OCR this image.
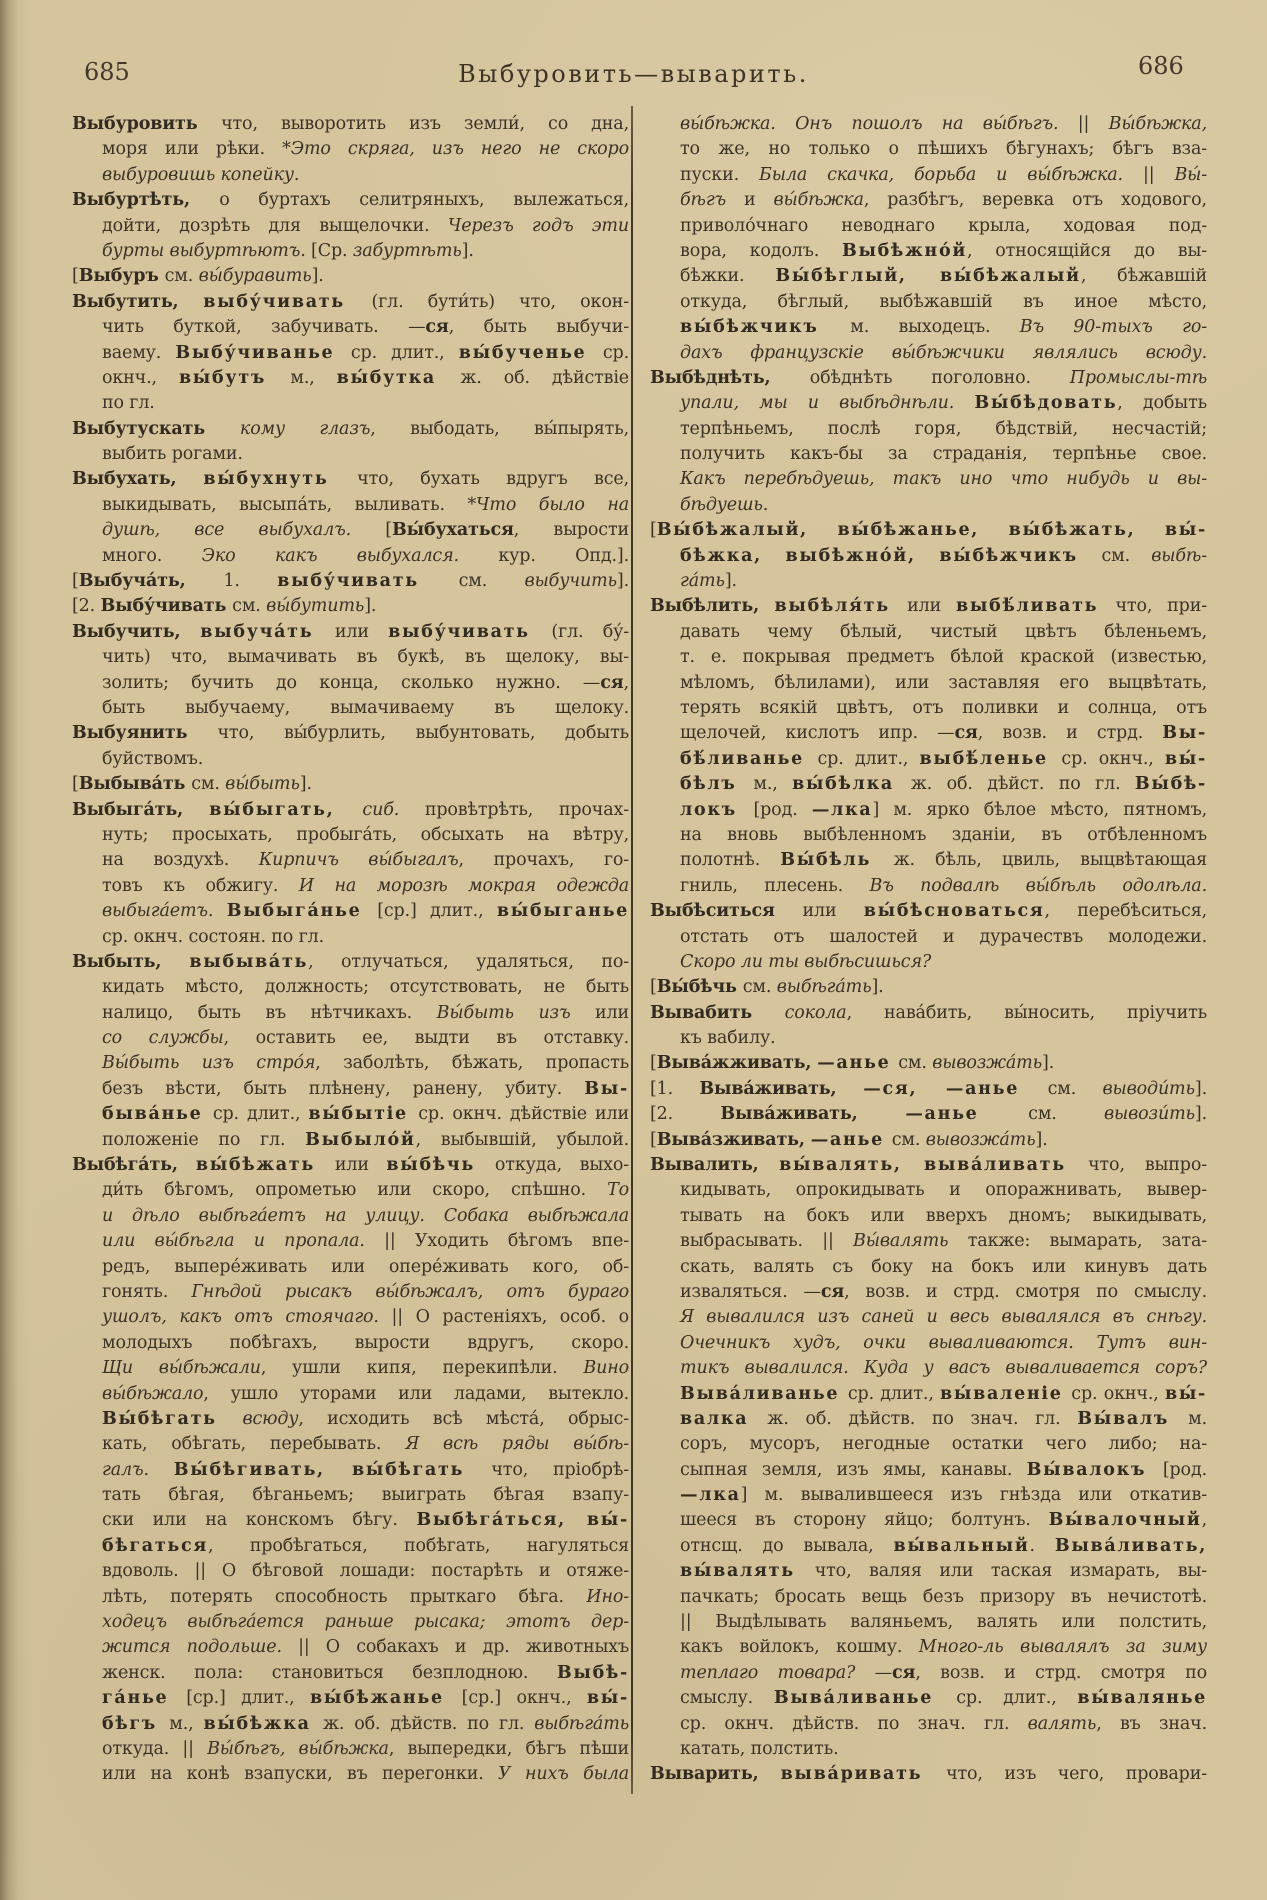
685	Выбуровить—выварить.	686
Выбуровить что, выворотить изъ земли́, со дна,
моря или рѣки. *Это скряга, изъ него не скоро
выбуровишь копейку.
Выбуртѣть, о буртахъ селитряныхъ, вылежаться,
дойти, дозрѣть для выщелочки. Черезъ годъ эти
бурты выбуртѣютъ. [Ср. забуртѣть].
[Выбуръ см. вы́буравить].
Выбутить, выбу́чивать (гл. бути́ть) что, окон-
чить буткой, забучивать. —ся, быть выбучи-
ваему. Выбу́чиванье ср. длит., вы́бученье ср.
окнч., вы́бутъ м., вы́бутка ж. об. дѣйствіе
по гл.
Выбутускать кому глазъ, выбодать, вы́пырять,
выбить рогами.
Выбухать, вы́бухнуть что, бухать вдругъ все,
выкидывать, высыпа́ть, выливать. *Что было на
душѣ, все выбухалъ. [Вы́бухаться, вырости
много. Эко какъ выбухался. кур. Опд.].
[Выбуча́ть, 1. выбу́чивать см. выбучить].
[2. Выбу́чивать см. вы́бутить].
Выбучить, выбуча́ть или выбу́чивать (гл. бу́-
чить) что, вымачивать въ букѣ, въ щелоку, вы-
золить; бучить до конца, сколько нужно. —ся,
быть выбучаему, вымачиваему въ щелоку.
Выбуянить что, вы́бурлить, выбунтовать, добыть
буйствомъ.
[Выбыва́ть см. вы́быть].
Выбыга́ть, вы́быгать, сиб. провѣтрѣть, прочах-
нуть; просыхать, пробыга́ть, обсыхать на вѣтру,
на воздухѣ. Кирпичъ вы́быгалъ, прочахъ, го-
товъ къ обжигу. И на морозѣ мокрая одежда
выбыга́етъ. Выбыга́нье [ср.] длит., вы́быганье
ср. окнч. состоян. по гл.
Выбыть, выбыва́ть, отлучаться, удаляться, по-
кидать мѣсто, должность; отсутствовать, не быть
налицо, быть въ нѣтчикахъ. Вы́быть изъ или
со службы, оставить ее, выдти въ отставку.
Вы́быть изъ стро́я, заболѣть, бѣжать, пропасть
безъ вѣсти, быть плѣнену, ранену, убиту. Вы-
быва́нье ср. длит., вы́бытіе ср. окнч. дѣйствіе или
положеніе по гл. Выбыло́й, выбывшій, убылой.
Выбѣга́ть, вы́бѣжать или вы́бѣчь откуда, выхо-
ди́ть бѣгомъ, опрометью или скоро, спѣшно. То
и дѣло выбѣга́етъ на улицу. Собака выбѣжала
или вы́бѣгла и пропала. || Уходить бѣгомъ впе-
редъ, выпере́живать или опере́живать кого, об-
гонять. Гнѣдой рысакъ вы́бѣжалъ, отъ бураго
ушолъ, какъ отъ стоячаго. || О растеніяхъ, особ. о
молодыхъ побѣгахъ, вырости вдругъ, скоро.
Щи вы́бѣжали, ушли кипя, перекипѣли. Вино
вы́бѣжало, ушло уторами или ладами, вытекло.
Вы́бѣгать всюду, исходить всѣ мѣста́, обрыс-
кать, обѣгать, перебывать. Я всѣ ряды вы́бѣ-
галъ. Вы́бѣгивать, вы́бѣгать что, пріобрѣ-
тать бѣгая, бѣганьемъ; выиграть бѣгая взапу-
ски или на конскомъ бѣгу. Выбѣга́ться, вы́-
бѣгаться, пробѣгаться, побѣгать, нагуляться
вдоволь. || О бѣговой лошади: постарѣть и отяже-
лѣть, потерять способность прыткаго бѣга. Ино-
ходецъ выбѣга́ется раньше рысака; этотъ дер-
жится подольше. || О собакахъ и др. животныхъ
женск. пола: становиться безплодною. Выбѣ-
га́нье [ср.] длит., вы́бѣжанье [ср.] окнч., вы́-
бѣгъ м., вы́бѣжка ж. об. дѣйств. по гл. выбѣга́ть
откуда. || Вы́бѣгъ, вы́бѣжка, выпередки, бѣгъ пѣши
или на конѣ взапуски, въ перегонки. У нихъ была
вы́бѣжка. Онъ пошолъ на вы́бѣгъ. || Вы́бѣжка,
то же, но только о пѣшихъ бѣгунахъ; бѣгъ вза-
пуски. Была скачка, борьба и вы́бѣжка. || Вы́-
бѣгъ и вы́бѣжка, разбѣгъ, веревка отъ ходового,
приволо́чнаго неводнаго крыла, ходовая под-
вора, кодолъ. Выбѣжно́й, относящійся до вы-
бѣжки. Вы́бѣглый, вы́бѣжалый, бѣжавшій
откуда, бѣглый, выбѣжавшій въ иное мѣсто,
вы́бѣжчикъ м. выходецъ. Въ 90-тыхъ го-
дахъ французскіе вы́бѣжчики являлись всюду.
Выбѣднѣть, обѣднѣть поголовно. Промыслы-тѣ
упали, мы и выбѣднѣли. Вы́бѣдовать, добыть
терпѣньемъ, послѣ горя, бѣдствій, несчастій;
получить какъ-бы за страданія, терпѣнье свое.
Какъ перебѣдуешь, такъ ино что нибудь и вы-
бѣдуешь.
[Вы́бѣжалый, вы́бѣжанье, вы́бѣжать, вы́-
бѣжка, выбѣжно́й, вы́бѣжчикъ см. выбѣ-
га́ть].
Выбѣлить, выбѣля́ть или выбѣ́ливать что, при-
давать чему бѣлый, чистый цвѣтъ бѣленьемъ,
т. е. покрывая предметъ бѣлой краской (известью,
мѣломъ, бѣлилами), или заставляя его выцвѣтать,
терять всякій цвѣтъ, отъ поливки и солнца, отъ
щелочей, кислотъ ипр. —ся, возв. и стрд. Вы-
бѣ́ливанье ср. длит., выбѣ́ленье ср. окнч., вы́-
бѣлъ м., вы́бѣлка ж. об. дѣйст. по гл. Вы́бѣ-
локъ [род. —лка] м. ярко бѣлое мѣсто, пятномъ,
на вновь выбѣленномъ зданіи, въ отбѣленномъ
полотнѣ. Вы́бѣль ж. бѣль, цвиль, выцвѣтающая
гниль, плесень. Въ подвалѣ вы́бѣль одолѣла.
Выбѣситься или вы́бѣсноваться, перебѣситься,
отстать отъ шалостей и дурачествъ молодежи.
Скоро ли ты выбѣсишься?
[Вы́бѣчь см. выбѣга́ть].
Вывабить сокола, нава́бить, вы́носить, пріучить
къ вабилу.
[Выва́жживать, —анье см. вывозжа́ть].
[1. Выва́живать, —ся, —анье см. выводи́ть].
[2. Выва́живать, —анье см. вывози́ть].
[Выва́зживать, —анье см. вывозжа́ть].
Вывалить, вы́валять, выва́ливать что, выпро-
кидывать, опрокидывать и опоражнивать, вывер-
тывать на бокъ или вверхъ дномъ; выкидывать,
выбрасывать. || Вы́валять также: вымарать, зата-
скать, валять съ боку на бокъ или кинувъ дать
изваляться. —ся, возв. и стрд. смотря по смыслу.
Я вывалился изъ саней и весь вывалялся въ снѣгу.
Очечникъ худъ, очки вываливаются. Тутъ вин-
тикъ вывалился. Куда у васъ вываливается соръ?
Выва́ливанье ср. длит., вы́валеніе ср. окнч., вы́-
валка ж. об. дѣйств. по знач. гл. Вы́валъ м.
соръ, мусоръ, негодные остатки чего либо; на-
сыпная земля, изъ ямы, канавы. Вы́валокъ [род.
—лка] м. вывалившееся изъ гнѣзда или откатив-
шееся въ сторону яйцо; болтунъ. Вы́валочный,
отнсщ. до вывала, вы́вальный. Выва́ливать,
вы́валять что, валяя или таская измарать, вы-
пачкать; бросать вещь безъ призору въ нечистотѣ.
|| Выдѣлывать валяньемъ, валять или полстить,
какъ войлокъ, кошму. Много-ль вывалялъ за зиму
теплаго товара? —ся, возв. и стрд. смотря по
смыслу. Выва́ливанье ср. длит., вы́валянье
ср. окнч. дѣйств. по знач. гл. валять, въ знач.
катать, полстить.
Выварить, выва́ривать что, изъ чего, провари-
